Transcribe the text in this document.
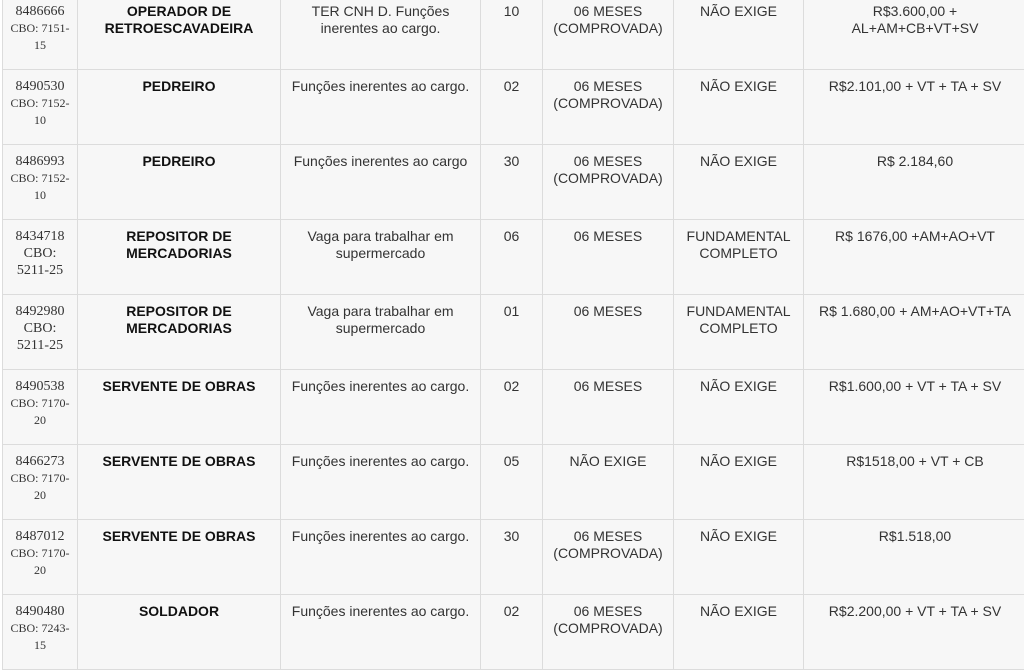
8486666
CBO: 7151-15	OPERADOR DE RETROESCAVADEIRA	TER CNH D. Funções inerentes ao cargo.	10	06 MESES (COMPROVADA)	NÃO EXIGE	R$3.600,00 + AL+AM+CB+VT+SV

8490530
CBO: 7152-10	PEDREIRO	Funções inerentes ao cargo.	02	06 MESES (COMPROVADA)	NÃO EXIGE	R$2.101,00 + VT + TA + SV

8486993
CBO: 7152-10	PEDREIRO	Funções inerentes ao cargo	30	06 MESES (COMPROVADA)	NÃO EXIGE	R$ 2.184,60

8434718
CBO: 5211-25	REPOSITOR DE MERCADORIAS	Vaga para trabalhar em supermercado	06	06 MESES	FUNDAMENTAL COMPLETO	R$ 1676,00 +AM+AO+VT

8492980
CBO: 5211-25	REPOSITOR DE MERCADORIAS	Vaga para trabalhar em supermercado	01	06 MESES	FUNDAMENTAL COMPLETO	R$ 1.680,00 + AM+AO+VT+TA

8490538
CBO: 7170-20	SERVENTE DE OBRAS	Funções inerentes ao cargo.	02	06 MESES	NÃO EXIGE	R$1.600,00 + VT + TA + SV

8466273
CBO: 7170-20	SERVENTE DE OBRAS	Funções inerentes ao cargo.	05	NÃO EXIGE	NÃO EXIGE	R$1518,00 + VT + CB

8487012
CBO: 7170-20	SERVENTE DE OBRAS	Funções inerentes ao cargo.	30	06 MESES (COMPROVADA)	NÃO EXIGE	R$1.518,00

8490480
CBO: 7243-15	SOLDADOR	Funções inerentes ao cargo.	02	06 MESES (COMPROVADA)	NÃO EXIGE	R$2.200,00 + VT + TA + SV
